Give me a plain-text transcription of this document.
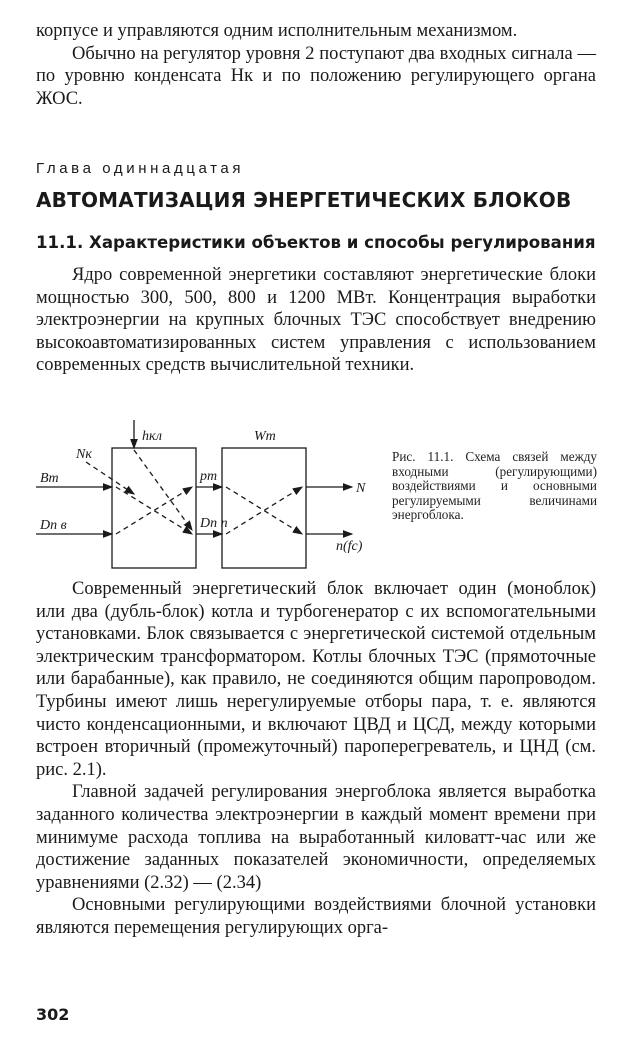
корпусе и управляются одним исполнительным механизмом.

Обычно на регулятор уровня 2 поступают два входных сигнала — по уровню конденсата Hк и по положению регулирующего органа ЖОС.

Глава одиннадцатая

АВТОМАТИЗАЦИЯ ЭНЕРГЕТИЧЕСКИХ БЛОКОВ
11.1. Характеристики объектов и способы регулирования

Ядро современной энергетики составляют энергетические блоки мощностью 300, 500, 800 и 1200 МВт. Концентрация выработки электроэнергии на крупных блочных ТЭС способствует внедрению высокоавтоматизированных систем управления с использованием современных средств вычислительной техники.

Bт
Dп в
Nк
hкл	Wт
pт
Dп п
N
n(fc)

Рис. 11.1. Схема связей между входными (регулирующими) воздействиями и основными регулируемыми величинами энергоблока.

Современный энергетический блок включает один (моноблок) или два (дубль-блок) котла и турбогенератор с их вспомогательными установками. Блок связывается с энергетической системой отдельным электрическим трансформатором. Котлы блочных ТЭС (прямоточные или барабанные), как правило, не соединяются общим паропроводом. Турбины имеют лишь нерегулируемые отборы пара, т. е. являются чисто конденсационными, и включают ЦВД и ЦСД, между которыми встроен вторичный (промежуточный) пароперегреватель, и ЦНД (см. рис. 2.1).

Главной задачей регулирования энергоблока является выработка заданного количества электроэнергии в каждый момент времени при минимуме расхода топлива на выработанный киловатт-час или же достижение заданных показателей экономичности, определяемых уравнениями (2.32) — (2.34)

Основными регулирующими воздействиями блочной установки являются перемещения регулирующих орга-

302
